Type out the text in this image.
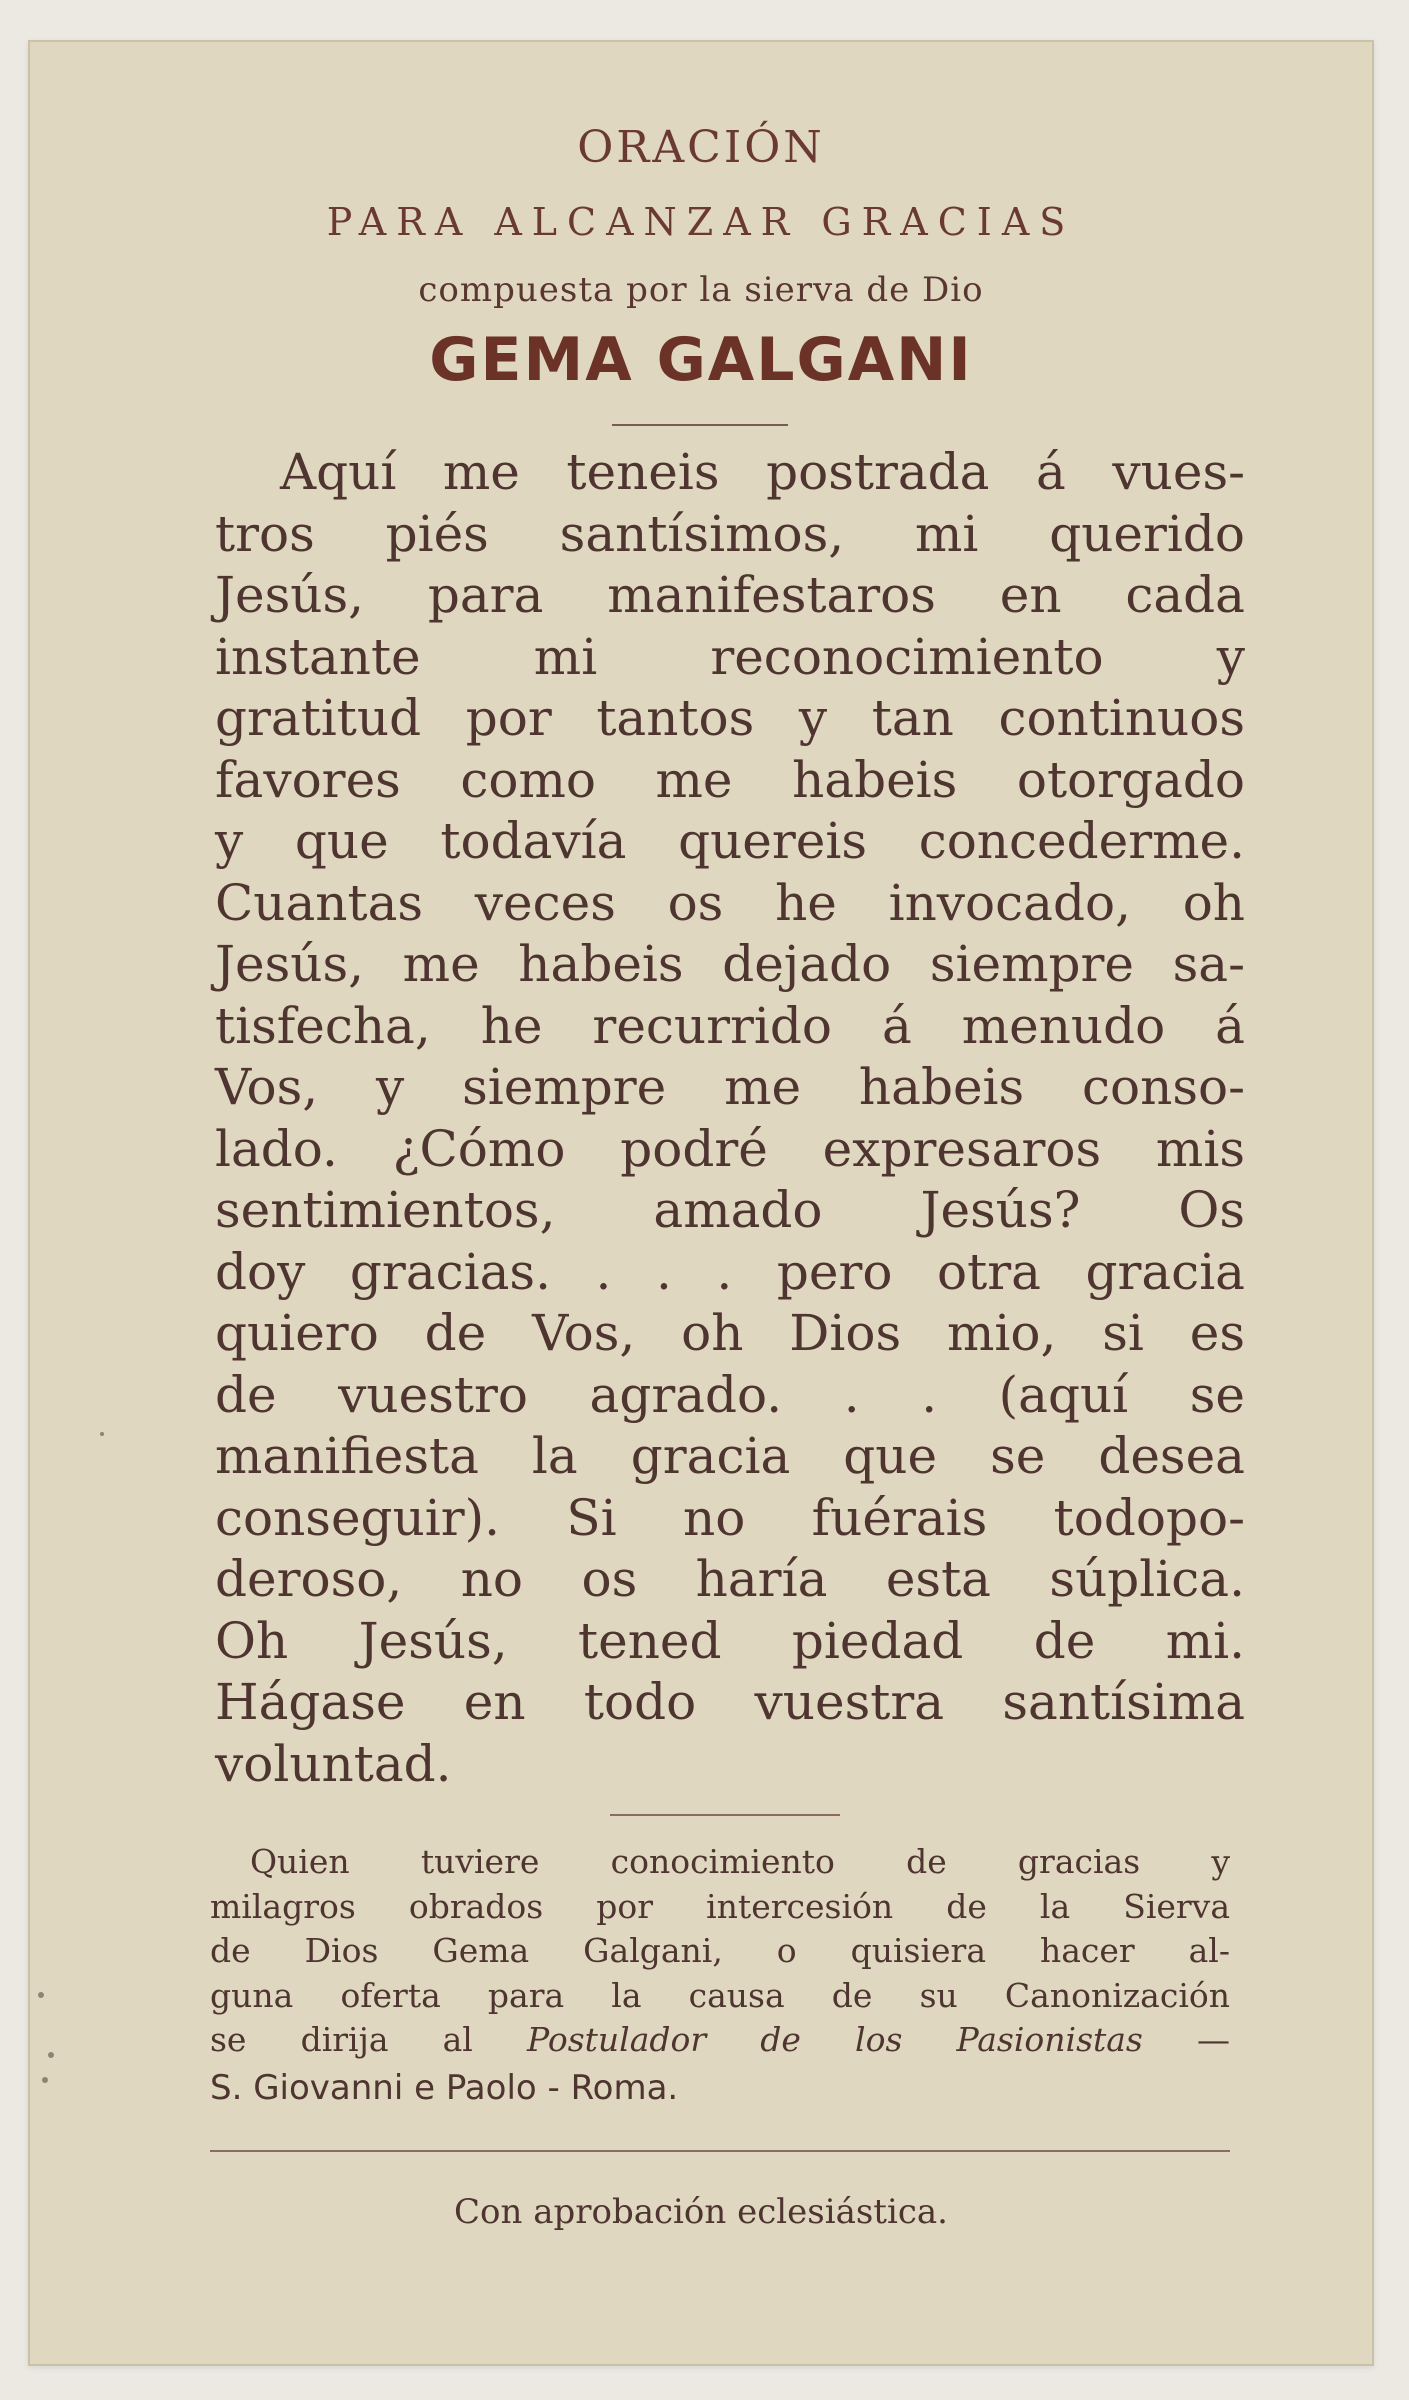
ORACIÓN
PARA ALCANZAR GRACIAS
compuesta por la sierva de Dio
GEMA GALGANI
Aquí me teneis postrada á vues-
tros piés santísimos, mi querido
Jesús, para manifestaros en cada
instante mi reconocimiento y
gratitud por tantos y tan continuos
favores como me habeis otorgado
y que todavía quereis concederme.
Cuantas veces os he invocado, oh
Jesús, me habeis dejado siempre sa-
tisfecha, he recurrido á menudo á
Vos, y siempre me habeis conso-
lado. ¿Cómo podré expresaros mis
sentimientos, amado Jesús? Os
doy gracias. . . . pero otra gracia
quiero de Vos, oh Dios mio, si es
de vuestro agrado. . . (aquí se
manifiesta la gracia que se desea
conseguir). Si no fuérais todopo-
deroso, no os haría esta súplica.
Oh Jesús, tened piedad de mi.
Hágase en todo vuestra santísima
voluntad.
Quien tuviere conocimiento de gracias y
milagros obrados por intercesión de la Sierva
de Dios Gema Galgani, o quisiera hacer al-
guna oferta para la causa de su Canonización
se dirija al Postulador de los Pasionistas —
S. Giovanni e Paolo - Roma.
Con aprobación eclesiástica.
